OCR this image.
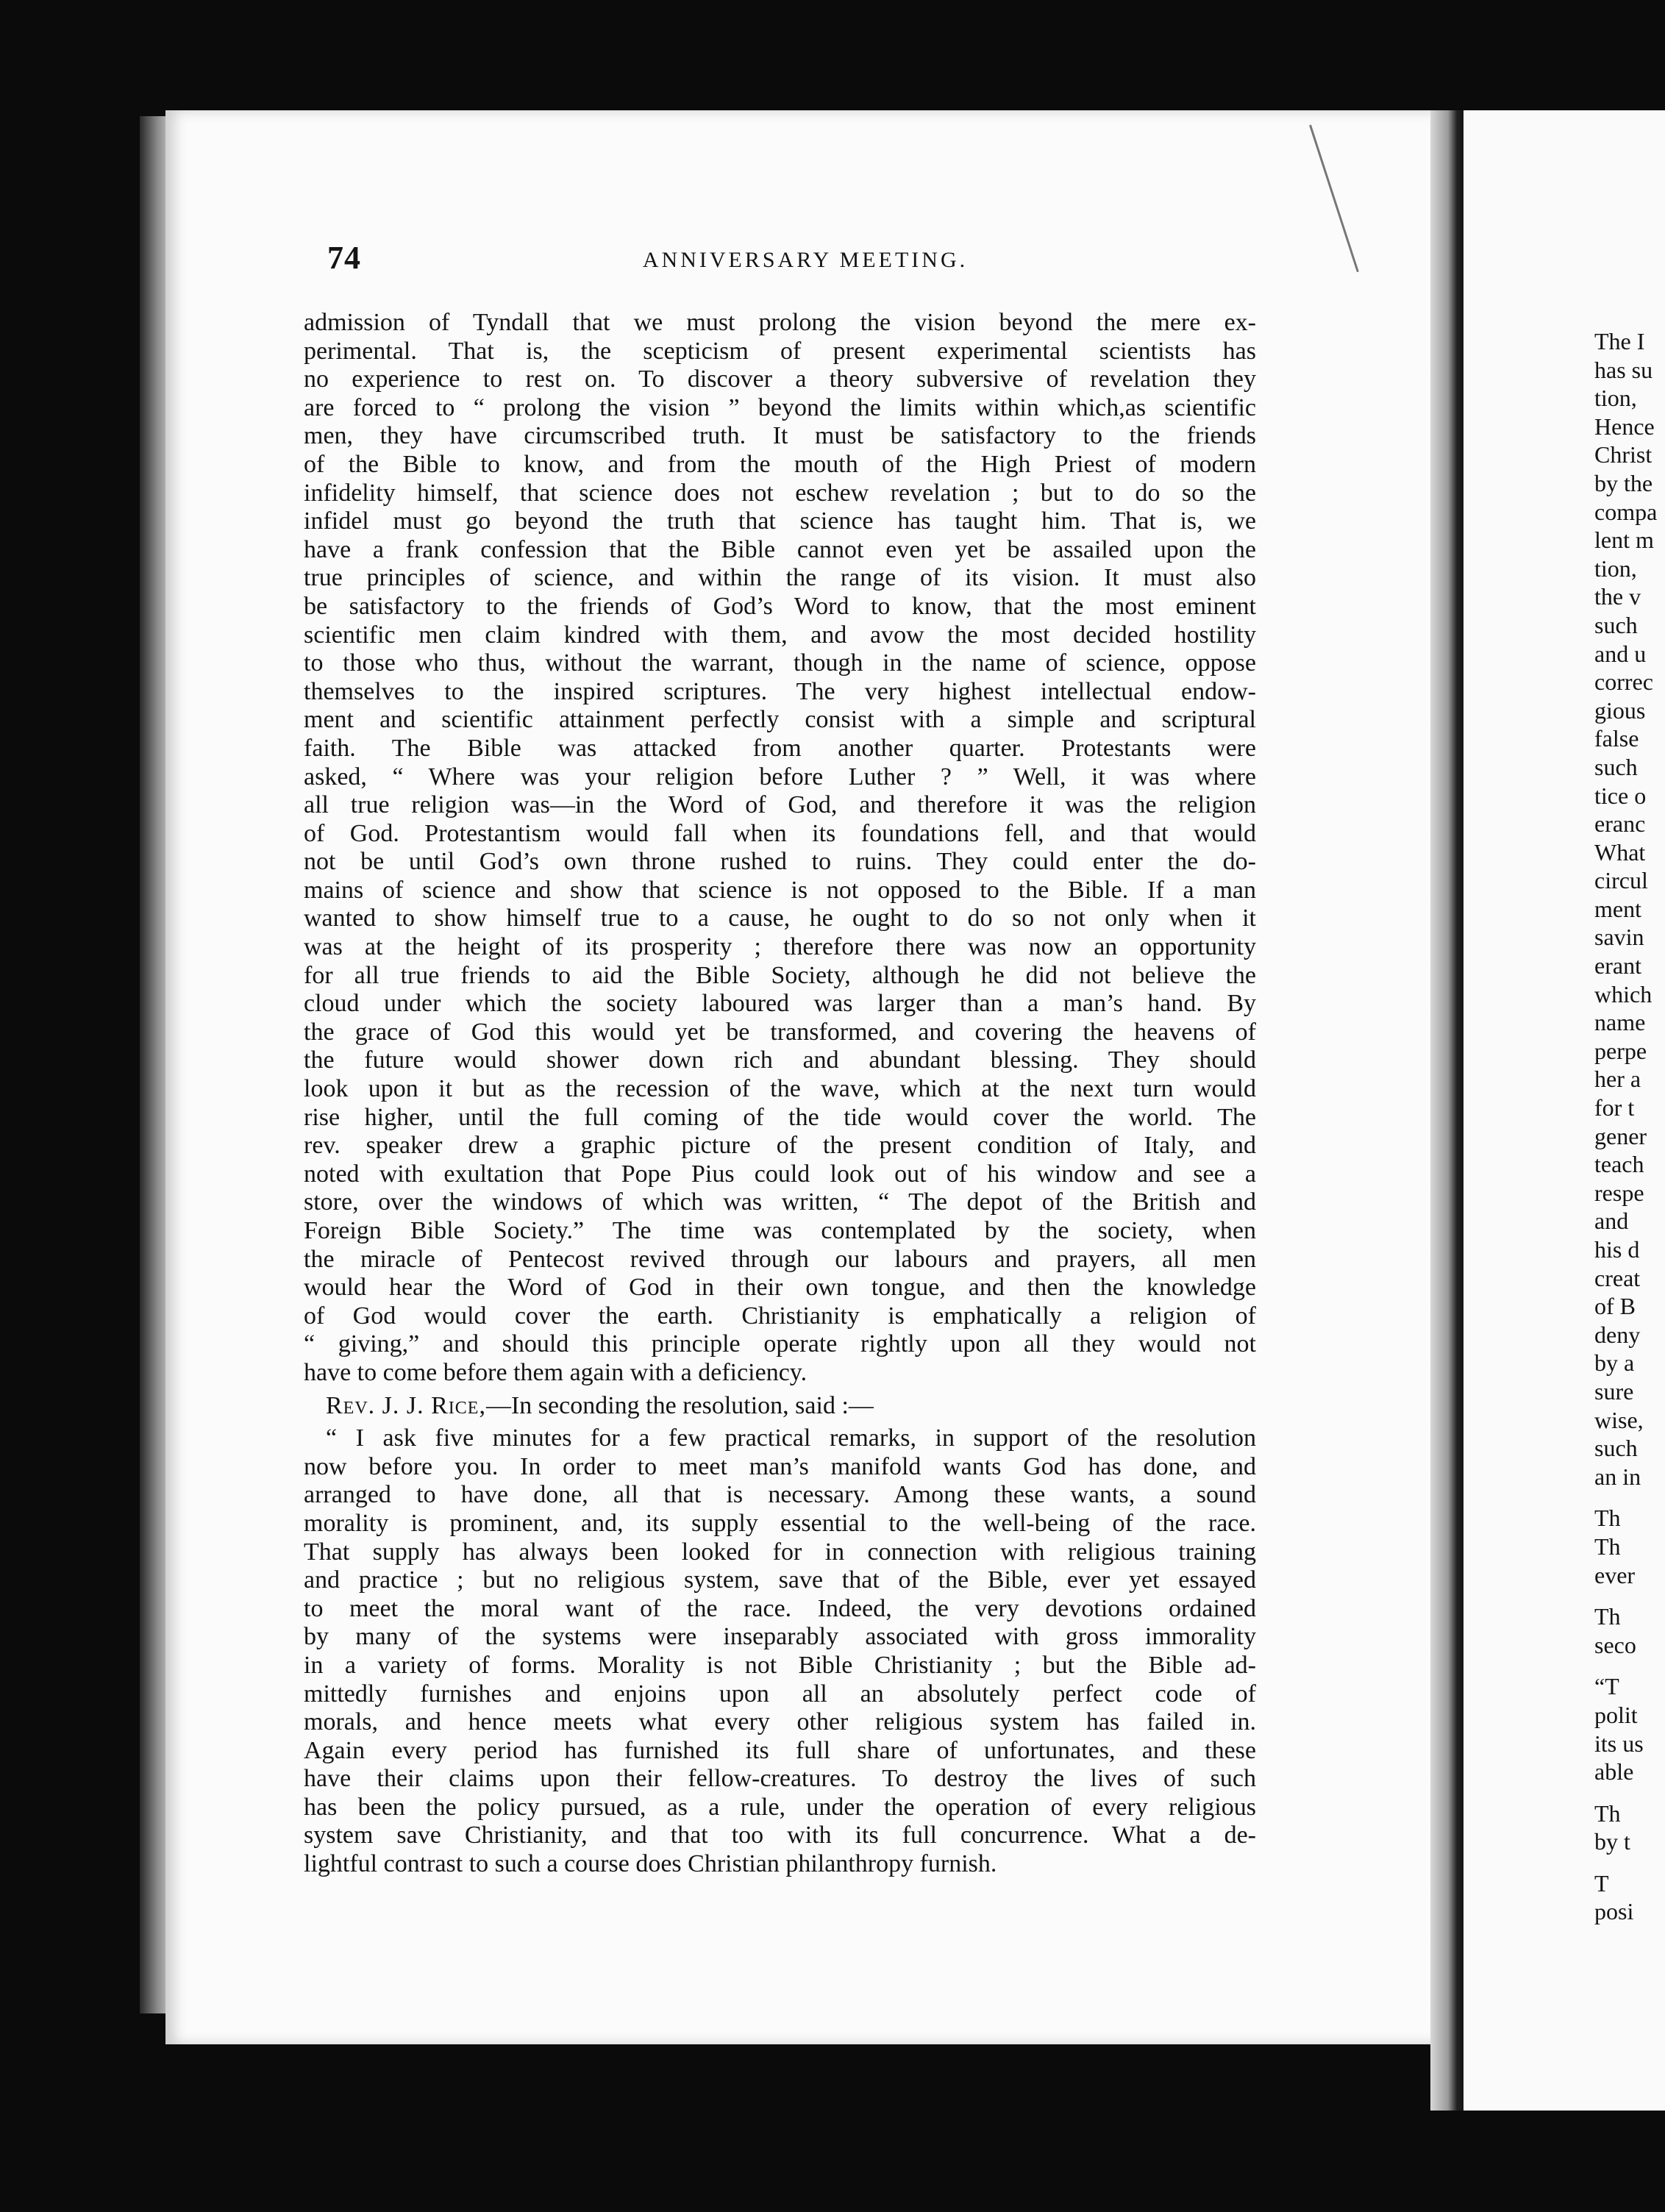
74	ANNIVERSARY MEETING.
admission of Tyndall that we must prolong the vision beyond the mere ex-
perimental. That is, the scepticism of present experimental scientists has
no experience to rest on. To discover a theory subversive of revelation they
are forced to “ prolong the vision ” beyond the limits within which,as scientific
men, they have circumscribed truth. It must be satisfactory to the friends
of the Bible to know, and from the mouth of the High Priest of modern
infidelity himself, that science does not eschew revelation ; but to do so the
infidel must go beyond the truth that science has taught him. That is, we
have a frank confession that the Bible cannot even yet be assailed upon the
true principles of science, and within the range of its vision. It must also
be satisfactory to the friends of God’s Word to know, that the most eminent
scientific men claim kindred with them, and avow the most decided hostility
to those who thus, without the warrant, though in the name of science, oppose
themselves to the inspired scriptures. The very highest intellectual endow-
ment and scientific attainment perfectly consist with a simple and scriptural
faith. The Bible was attacked from another quarter. Protestants were
asked, “ Where was your religion before Luther ? ” Well, it was where
all true religion was—in the Word of God, and therefore it was the religion
of God. Protestantism would fall when its foundations fell, and that would
not be until God’s own throne rushed to ruins. They could enter the do-
mains of science and show that science is not opposed to the Bible. If a man
wanted to show himself true to a cause, he ought to do so not only when it
was at the height of its prosperity ; therefore there was now an opportunity
for all true friends to aid the Bible Society, although he did not believe the
cloud under which the society laboured was larger than a man’s hand. By
the grace of God this would yet be transformed, and covering the heavens of
the future would shower down rich and abundant blessing. They should
look upon it but as the recession of the wave, which at the next turn would
rise higher, until the full coming of the tide would cover the world. The
rev. speaker drew a graphic picture of the present condition of Italy, and
noted with exultation that Pope Pius could look out of his window and see a
store, over the windows of which was written, “ The depot of the British and
Foreign Bible Society.” The time was contemplated by the society, when
the miracle of Pentecost revived through our labours and prayers, all men
would hear the Word of God in their own tongue, and then the knowledge
of God would cover the earth. Christianity is emphatically a religion of
“ giving,” and should this principle operate rightly upon all they would not
have to come before them again with a deficiency.
Rev. J. J. Rice,—In seconding the resolution, said :—
“ I ask five minutes for a few practical remarks, in support of the resolution
now before you. In order to meet man’s manifold wants God has done, and
arranged to have done, all that is necessary. Among these wants, a sound
morality is prominent, and, its supply essential to the well-being of the race.
That supply has always been looked for in connection with religious training
and practice ; but no religious system, save that of the Bible, ever yet essayed
to meet the moral want of the race. Indeed, the very devotions ordained
by many of the systems were inseparably associated with gross immorality
in a variety of forms. Morality is not Bible Christianity ; but the Bible ad-
mittedly furnishes and enjoins upon all an absolutely perfect code of
morals, and hence meets what every other religious system has failed in.
Again every period has furnished its full share of unfortunates, and these
have their claims upon their fellow-creatures. To destroy the lives of such
has been the policy pursued, as a rule, under the operation of every religious
system save Christianity, and that too with its full concurrence. What a de-
lightful contrast to such a course does Christian philanthropy furnish.
The I
has su
tion,
Hence
Christ
by the
compa
lent m
tion,
the v
such
and u
correc
gious
false
such
tice o
eranc
What
circul
ment
savin
erant
which
name
perpe
her a
for t
gener
teach
respe
and
his d
creat
of B
deny
by a
sure
wise,
such
an in
Th
Th
ever
Th
seco
“T
polit
its us
able
Th
by t
T
posi
